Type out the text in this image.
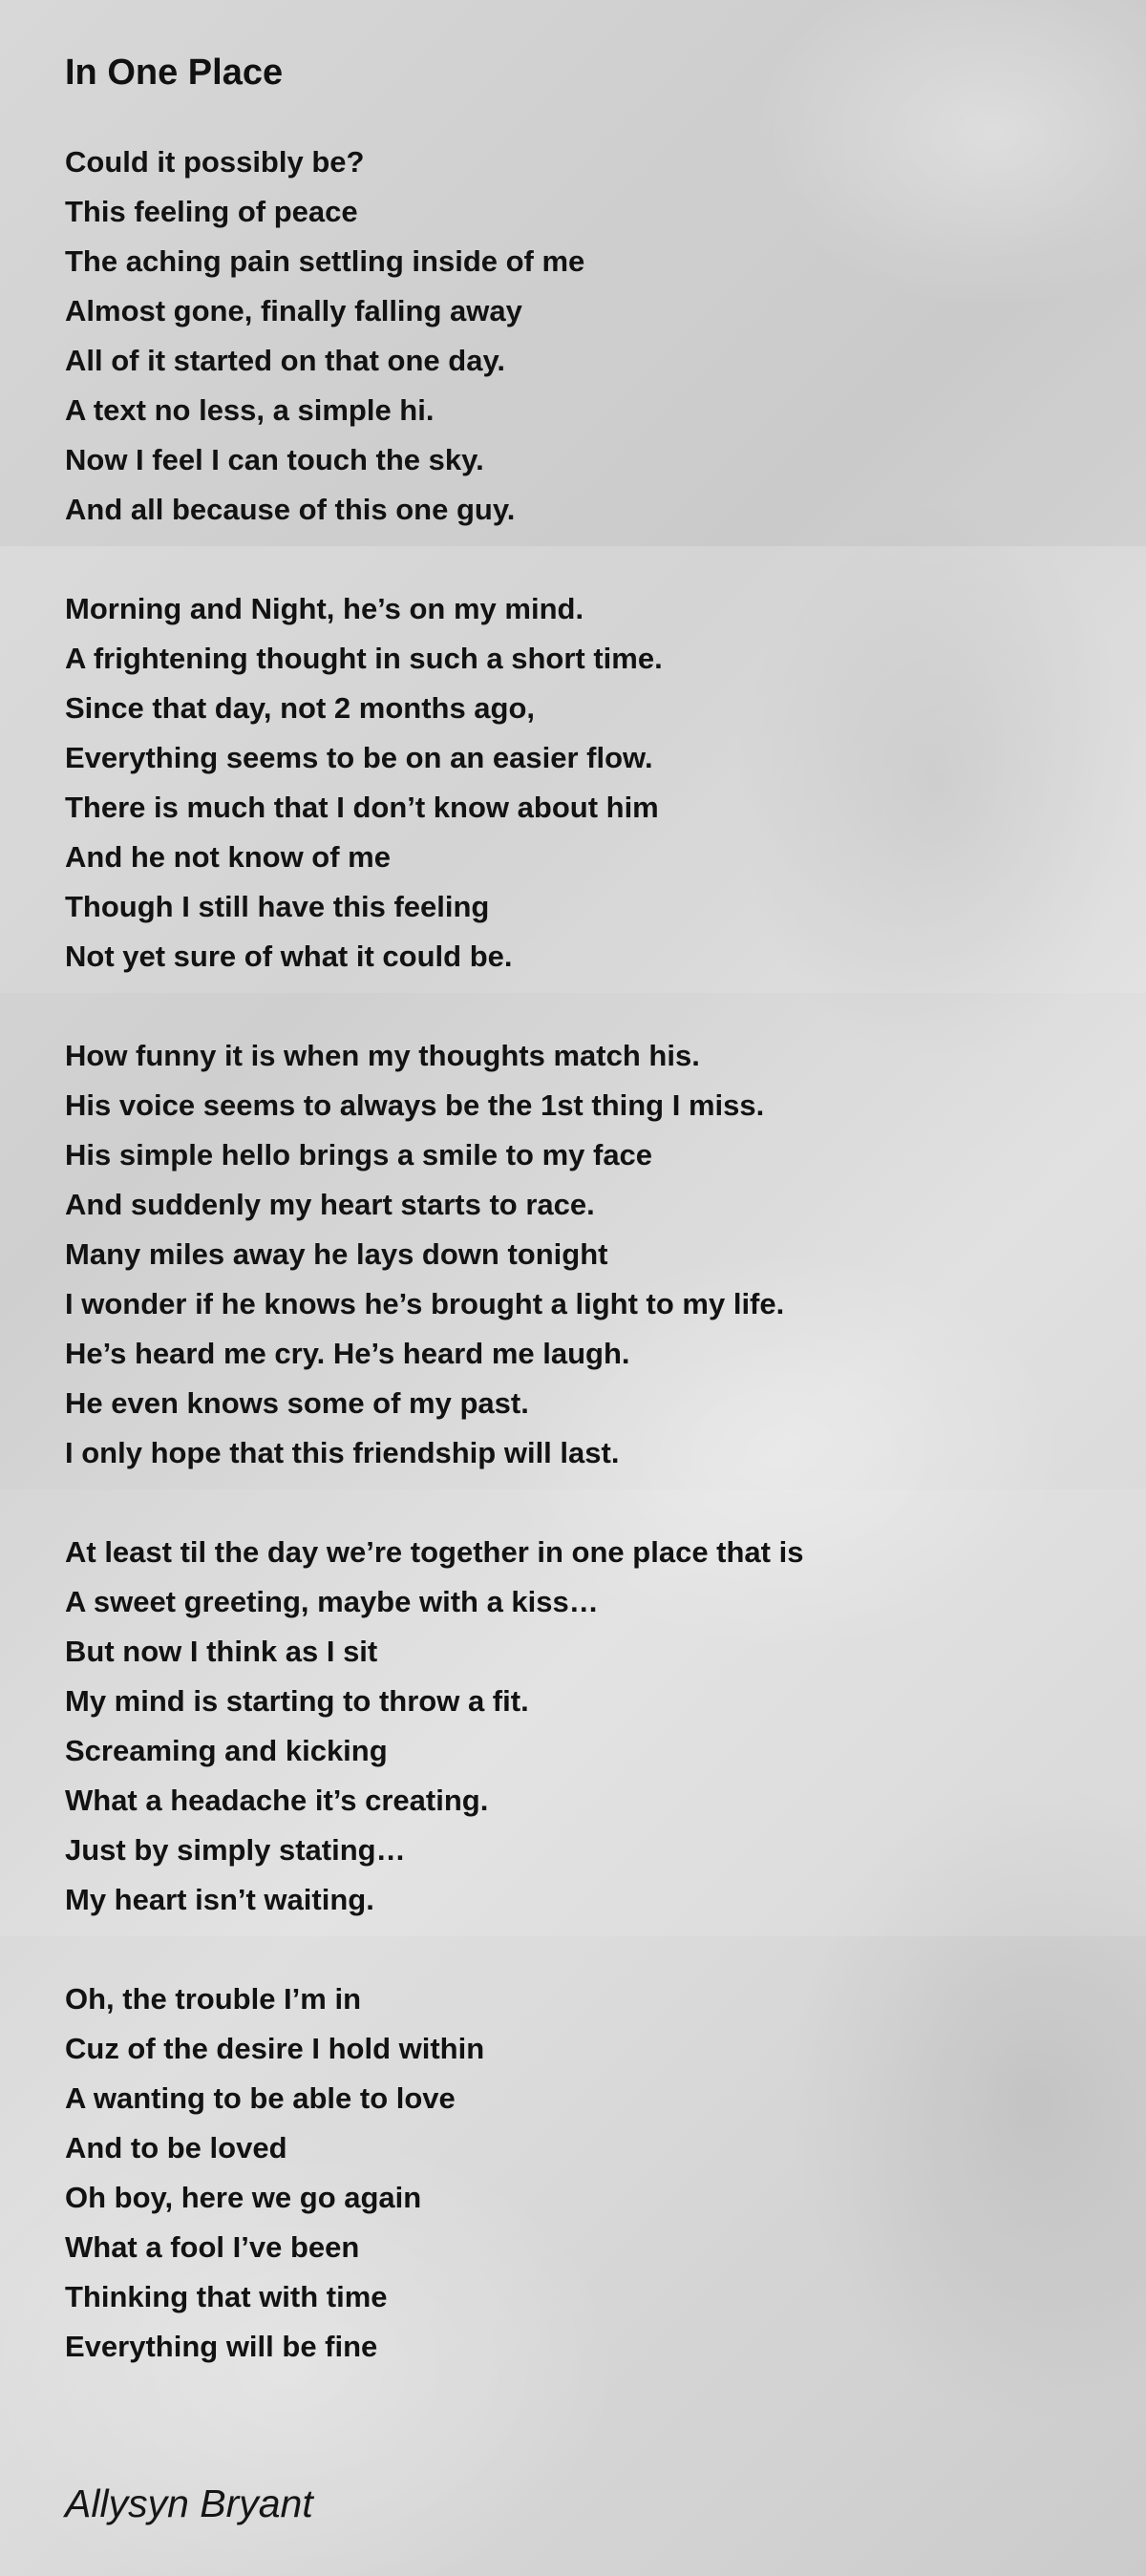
In One Place
Could it possibly be?
This feeling of peace
The aching pain settling inside of me
Almost gone, finally falling away
All of it started on that one day.
A text no less, a simple hi.
Now I feel I can touch the sky.
And all because of this one guy.
Morning and Night, he’s on my mind.
A frightening thought in such a short time.
Since that day, not 2 months ago,
Everything seems to be on an easier flow.
There is much that I don’t know about him
And he not know of me
Though I still have this feeling
Not yet sure of what it could be.
How funny it is when my thoughts match his.
His voice seems to always be the 1st thing I miss.
His simple hello brings a smile to my face
And suddenly my heart starts to race.
Many miles away he lays down tonight
I wonder if he knows he’s brought a light to my life.
He’s heard me cry. He’s heard me laugh.
He even knows some of my past.
I only hope that this friendship will last.
At least til the day we’re together in one place that is
A sweet greeting, maybe with a kiss…
But now I think as I sit
My mind is starting to throw a fit.
Screaming and kicking
What a headache it’s creating.
Just by simply stating…
My heart isn’t waiting.
Oh, the trouble I’m in
Cuz of the desire I hold within
A wanting to be able to love
And to be loved
Oh boy, here we go again
What a fool I’ve been
Thinking that with time
Everything will be fine
Allysyn Bryant
